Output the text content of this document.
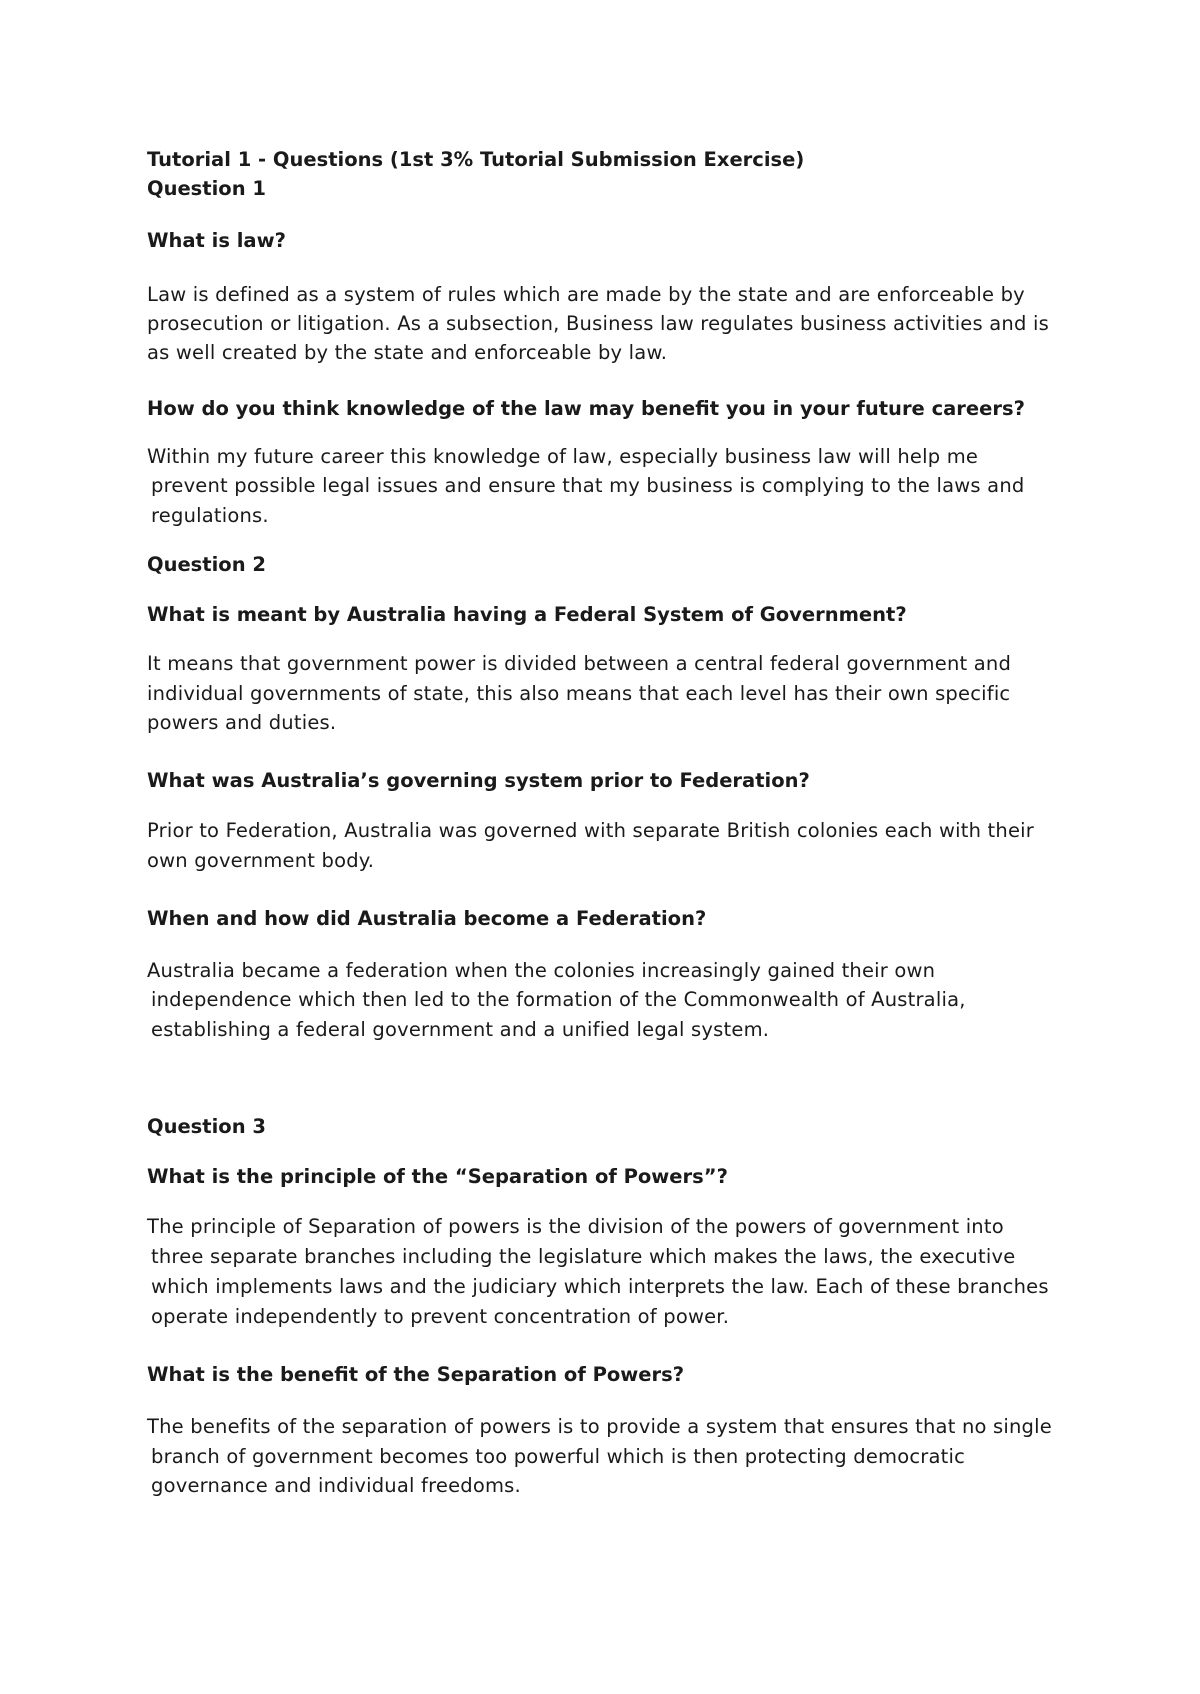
Tutorial 1 - Questions (1st 3% Tutorial Submission Exercise)
Question 1
What is law?
Law is defined as a system of rules which are made by the state and are enforceable by
prosecution or litigation. As a subsection, Business law regulates business activities and is
as well created by the state and enforceable by law.
How do you think knowledge of the law may benefit you in your future careers?
Within my future career this knowledge of law, especially business law will help me
prevent possible legal issues and ensure that my business is complying to the laws and
regulations.
Question 2
What is meant by Australia having a Federal System of Government?
It means that government power is divided between a central federal government and
individual governments of state, this also means that each level has their own specific
powers and duties.
What was Australia’s governing system prior to Federation?
Prior to Federation, Australia was governed with separate British colonies each with their
own government body.
When and how did Australia become a Federation?
Australia became a federation when the colonies increasingly gained their own
independence which then led to the formation of the Commonwealth of Australia,
establishing a federal government and a unified legal system.
Question 3
What is the principle of the “Separation of Powers”?
The principle of Separation of powers is the division of the powers of government into
three separate branches including the legislature which makes the laws, the executive
which implements laws and the judiciary which interprets the law. Each of these branches
operate independently to prevent concentration of power.
What is the benefit of the Separation of Powers?
The benefits of the separation of powers is to provide a system that ensures that no single
branch of government becomes too powerful which is then protecting democratic
governance and individual freedoms.
